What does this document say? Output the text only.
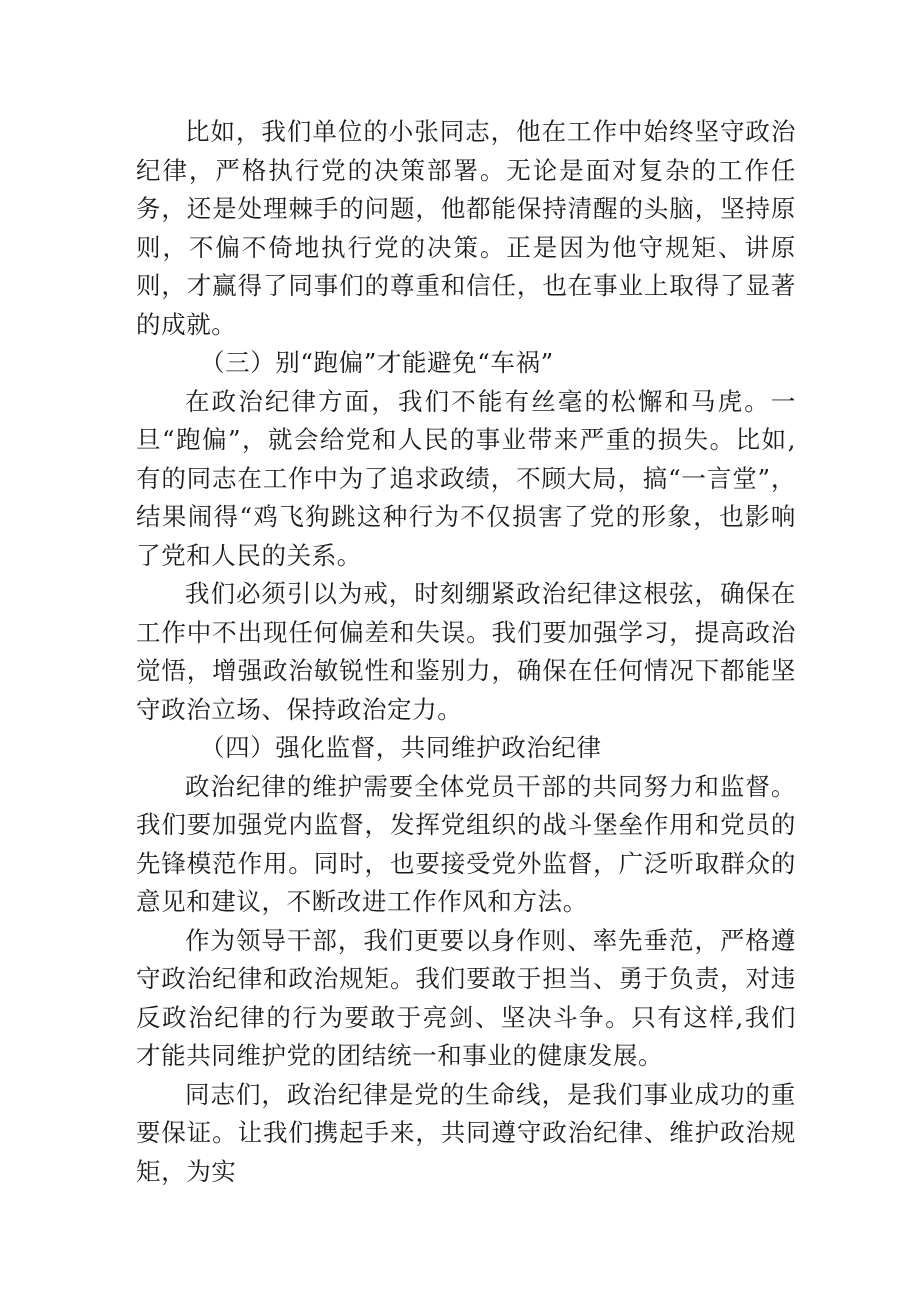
比如，我们单位的小张同志，他在工作中始终坚守政治纪律，严格执行党的决策部署。无论是面对复杂的工作任务，还是处理棘手的问题，他都能保持清醒的头脑，坚持原则，不偏不倚地执行党的决策。正是因为他守规矩、讲原则，才赢得了同事们的尊重和信任，也在事业上取得了显著的成就。

（三）别“跑偏”才能避免“车祸”

在政治纪律方面，我们不能有丝毫的松懈和马虎。一旦“跑偏”，就会给党和人民的事业带来严重的损失。比如,有的同志在工作中为了追求政绩，不顾大局，搞“一言堂”，结果闹得“鸡飞狗跳这种行为不仅损害了党的形象，也影响了党和人民的关系。

我们必须引以为戒，时刻绷紧政治纪律这根弦，确保在工作中不出现任何偏差和失误。我们要加强学习，提高政治觉悟，增强政治敏锐性和鉴别力，确保在任何情况下都能坚守政治立场、保持政治定力。

（四）强化监督，共同维护政治纪律

政治纪律的维护需要全体党员干部的共同努力和监督。我们要加强党内监督，发挥党组织的战斗堡垒作用和党员的先锋模范作用。同时，也要接受党外监督，广泛听取群众的意见和建议，不断改进工作作风和方法。

作为领导干部，我们更要以身作则、率先垂范，严格遵守政治纪律和政治规矩。我们要敢于担当、勇于负责，对违反政治纪律的行为要敢于亮剑、坚决斗争。只有这样,我们才能共同维护党的团结统一和事业的健康发展。

同志们，政治纪律是党的生命线，是我们事业成功的重要保证。让我们携起手来，共同遵守政治纪律、维护政治规矩，为实
